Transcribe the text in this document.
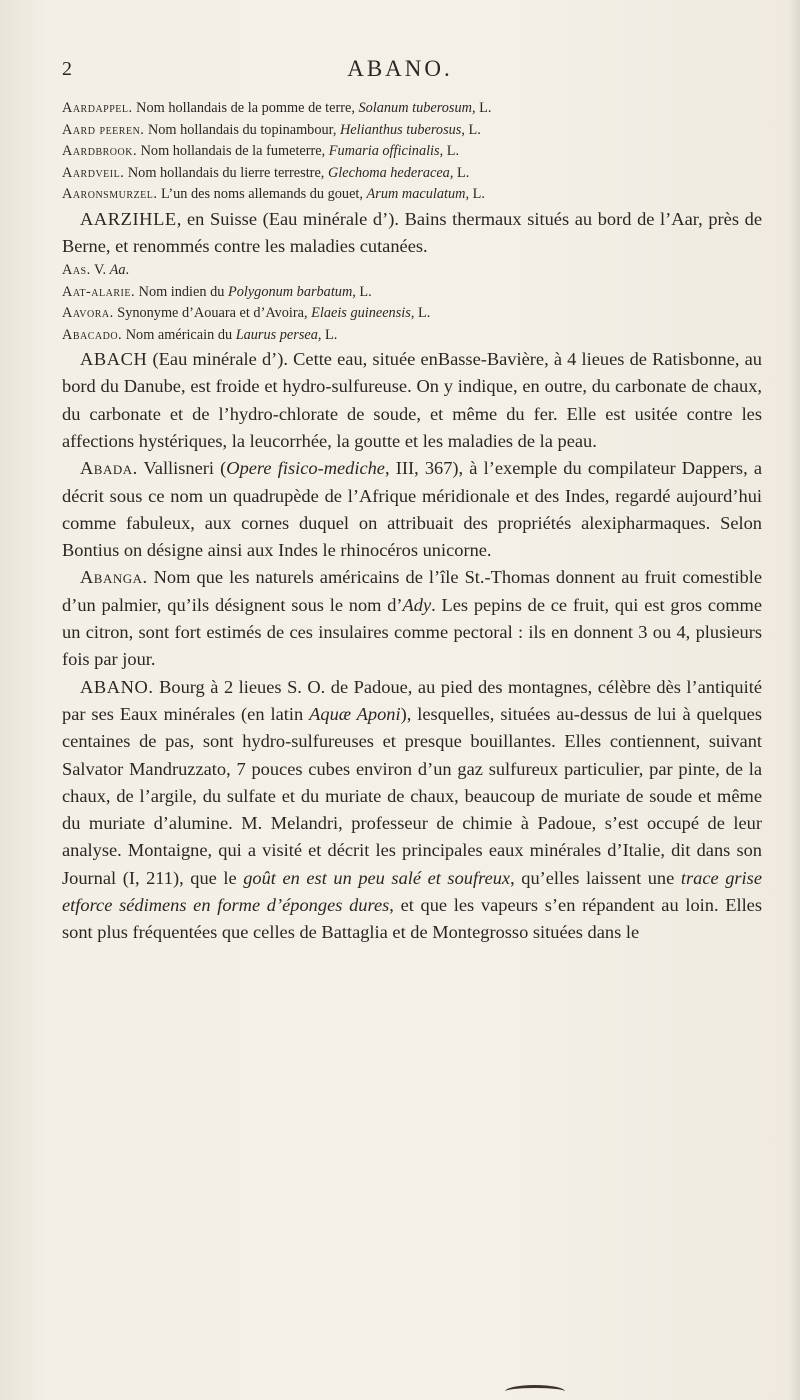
2	ABANO.

Aardappel. Nom hollandais de la pomme de terre, Solanum tuberosum, L.

Aard peeren. Nom hollandais du topinambour, Helianthus tuberosus, L.

Aardbrook. Nom hollandais de la fumeterre, Fumaria officinalis, L.

Aardveil. Nom hollandais du lierre terrestre, Glechoma hederacea, L.

Aaronsmurzel. L’un des noms allemands du gouet, Arum maculatum, L.

AARZIHLE, en Suisse (Eau minérale d’). Bains thermaux situés au bord de l’Aar, près de Berne, et renommés contre les maladies cutanées.

Aas. V. Aa.

Aat-alarie. Nom indien du Polygonum barbatum, L.

Aavora. Synonyme d’Aouara et d’Avoira, Elaeis guineensis, L.

Abacado. Nom américain du Laurus persea, L.

ABACH (Eau minérale d’). Cette eau, située enBasse-Bavière, à 4 lieues de Ratisbonne, au bord du Danube, est froide et hydro-sulfureuse. On y indique, en outre, du carbonate de chaux, du carbonate et de l’hydro-chlorate de soude, et même du fer. Elle est usitée contre les affections hystériques, la leucorrhée, la goutte et les maladies de la peau.

Abada. Vallisneri (Opere fisico-mediche, III, 367), à l’exemple du compilateur Dappers, a décrit sous ce nom un quadrupède de l’Afrique méridionale et des Indes, regardé aujourd’hui comme fabuleux, aux cornes duquel on attribuait des propriétés alexipharmaques. Selon Bontius on désigne ainsi aux Indes le rhinocéros unicorne.

Abanga. Nom que les naturels américains de l’île St.-Thomas donnent au fruit comestible d’un palmier, qu’ils désignent sous le nom d’Ady. Les pepins de ce fruit, qui est gros comme un citron, sont fort estimés de ces insulaires comme pectoral : ils en donnent 3 ou 4, plusieurs fois par jour.

ABANO. Bourg à 2 lieues S. O. de Padoue, au pied des montagnes, célèbre dès l’antiquité par ses Eaux minérales (en latin Aquæ Aponi), lesquelles, situées au-dessus de lui à quelques centaines de pas, sont hydro-sulfureuses et presque bouillantes. Elles contiennent, suivant Salvator Mandruzzato, 7 pouces cubes environ d’un gaz sulfureux particulier, par pinte, de la chaux, de l’argile, du sulfate et du muriate de chaux, beaucoup de muriate de soude et même du muriate d’alumine. M. Melandri, professeur de chimie à Padoue, s’est occupé de leur analyse. Montaigne, qui a visité et décrit les principales eaux minérales d’Italie, dit dans son Journal (I, 211), que le goût en est un peu salé et soufreux, qu’elles laissent une trace grise etforce sédimens en forme d’éponges dures, et que les vapeurs s’en répandent au loin. Elles sont plus fréquentées que celles de Battaglia et de Montegrosso situées dans le
